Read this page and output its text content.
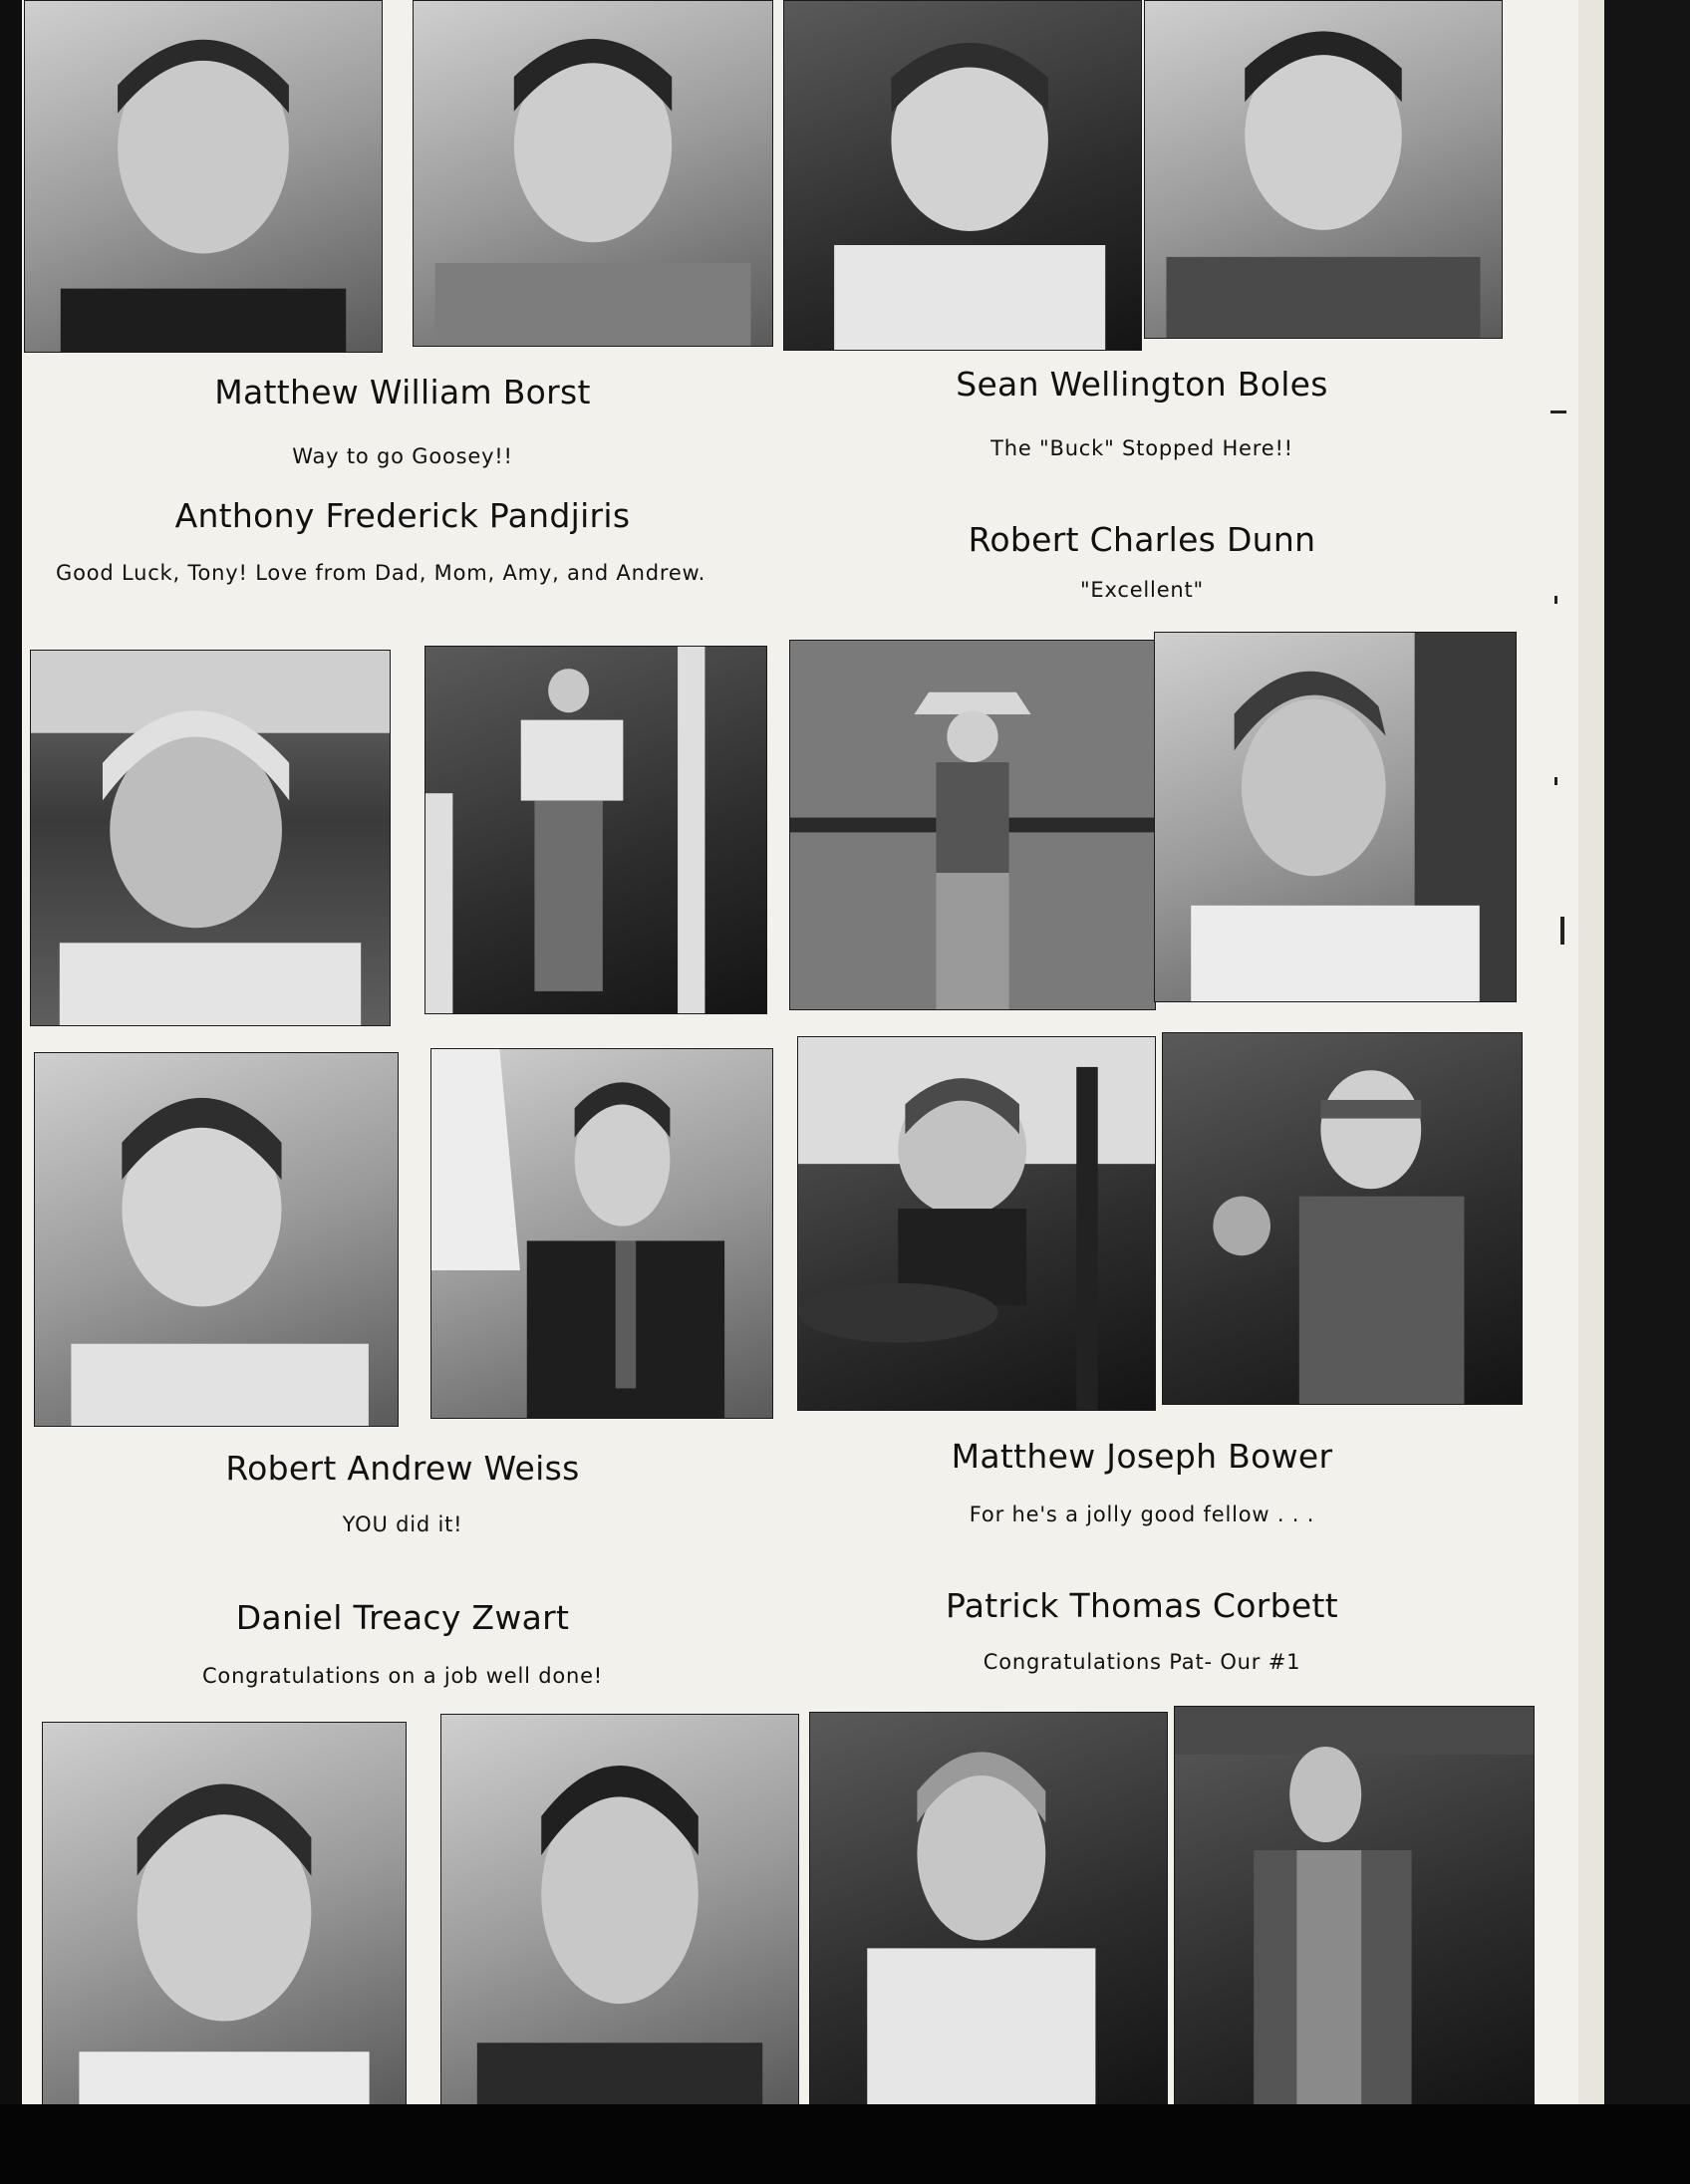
Matthew William Borst
Way to go Goosey!!
Anthony Frederick Pandjiris
Good Luck, Tony! Love from Dad, Mom, Amy, and Andrew.
Sean Wellington Boles
The "Buck" Stopped Here!!
Robert Charles Dunn
"Excellent"
Robert Andrew Weiss
YOU did it!
Daniel Treacy Zwart
Congratulations on a job well done!
Matthew Joseph Bower
For he's a jolly good fellow . . .
Patrick Thomas Corbett
Congratulations Pat- Our #1
